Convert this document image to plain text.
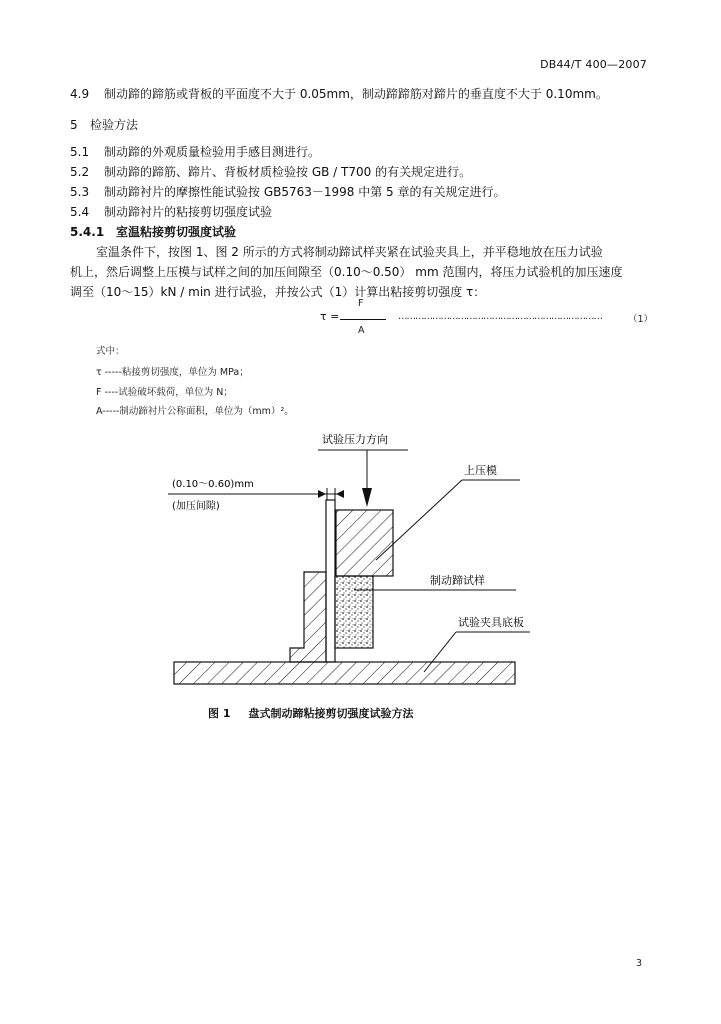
DB44/T 400—2007
4.9 制动蹄的蹄筋或背板的平面度不大于 0.05mm，制动蹄蹄筋对蹄片的垂直度不大于 0.10mm。
5 检验方法
5.1 制动蹄的外观质量检验用手感目测进行。
5.2 制动蹄的蹄筋、蹄片、背板材质检验按 GB / T700 的有关规定进行。
5.3 制动蹄衬片的摩擦性能试验按 GB5763－1998 中第 5 章的有关规定进行。
5.4 制动蹄衬片的粘接剪切强度试验
5.4.1 室温粘接剪切强度试验
室温条件下，按图 1、图 2 所示的方式将制动蹄试样夹紧在试验夹具上，并平稳地放在压力试验
机上，然后调整上压模与试样之间的加压间隙至（0.10～0.50） mm 范围内，将压力试验机的加压速度
调至（10～15）kN / min 进行试验，并按公式（1）计算出粘接剪切强度 τ：
τ =
F
A
………………………………………………………………	（1）
式中：
τ -----粘接剪切强度，单位为 MPa；
F ----试验破坏载荷，单位为 N；
A-----制动蹄衬片公称面积，单位为（mm）²。
试验压力方向
上压模
(0.10～0.60)mm
(加压间隙)
制动蹄试样
试验夹具底板
图 1 盘式制动蹄粘接剪切强度试验方法
3
